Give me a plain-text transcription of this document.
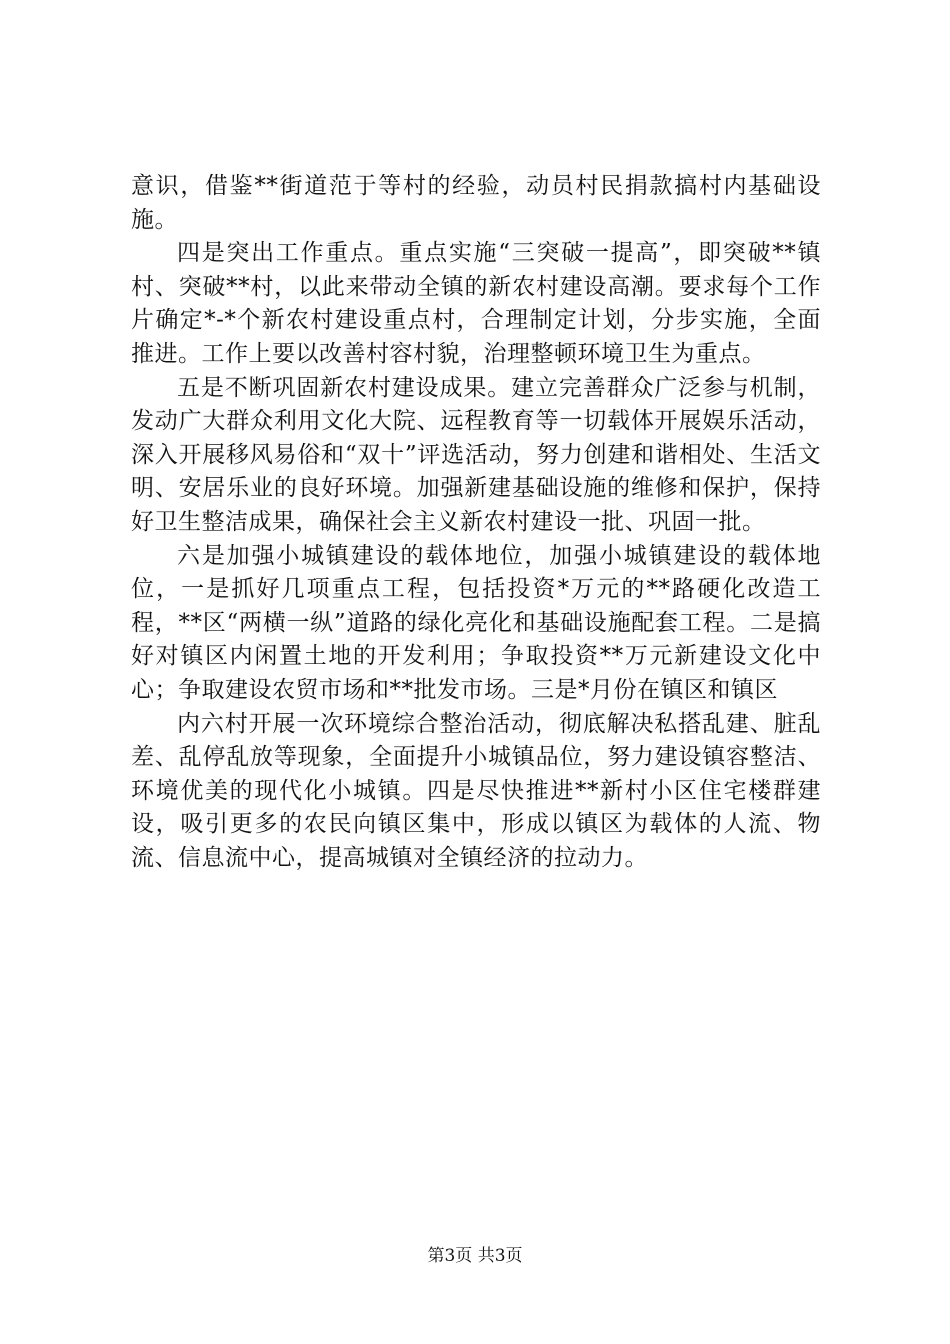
意识，借鉴**街道范于等村的经验，动员村民捐款搞村内基础设施。

四是突出工作重点。重点实施“三突破一提高”，即突破**镇村、突破**村，以此来带动全镇的新农村建设高潮。要求每个工作片确定*-*个新农村建设重点村，合理制定计划，分步实施，全面推进。工作上要以改善村容村貌，治理整顿环境卫生为重点。

五是不断巩固新农村建设成果。建立完善群众广泛参与机制，发动广大群众利用文化大院、远程教育等一切载体开展娱乐活动，深入开展移风易俗和“双十”评选活动，努力创建和谐相处、生活文明、安居乐业的良好环境。加强新建基础设施的维修和保护，保持好卫生整洁成果，确保社会主义新农村建设一批、巩固一批。

六是加强小城镇建设的载体地位，加强小城镇建设的载体地位，一是抓好几项重点工程，包括投资*万元的**路硬化改造工程，**区“两横一纵”道路的绿化亮化和基础设施配套工程。二是搞好对镇区内闲置土地的开发利用；争取投资**万元新建设文化中心；争取建设农贸市场和**批发市场。三是*月份在镇区和镇区

内六村开展一次环境综合整治活动，彻底解决私搭乱建、脏乱差、乱停乱放等现象，全面提升小城镇品位，努力建设镇容整洁、环境优美的现代化小城镇。四是尽快推进**新村小区住宅楼群建设，吸引更多的农民向镇区集中，形成以镇区为载体的人流、物流、信息流中心，提高城镇对全镇经济的拉动力。

第3页 共3页
